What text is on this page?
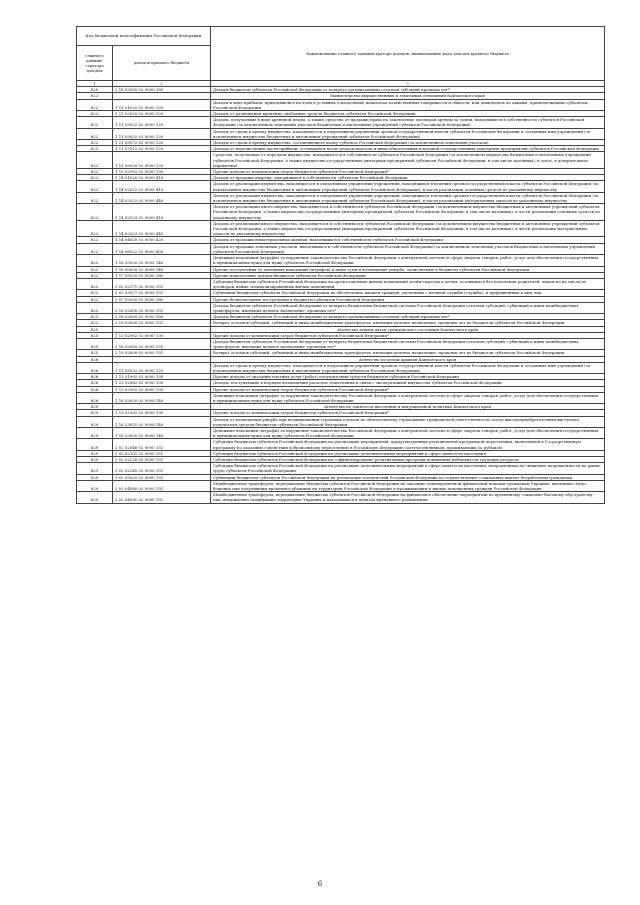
Код бюджетной классификации Российской Федерации		Наименование главного администратора доходов, наименование кода доходов краевого бюджета
главного админи-стратора доходов	доходов краевого бюджета	
1	2	3
820	2 18 02000 02 0000 180	Доходы бюджетов субъектов Российской Федерации от возврата организациями остатков субсидий прошлых лет*
822		Министерство имущественных и земельных отношений Камчатского края
822	1 11 01020 02 0000 120	Доходы в виде прибыли, приходящейся на доли в уставных (складочных) капиталах хозяйственных товариществ и обществ, или дивидендов по акциям, принадлежащим субъектам Российской Федерации
822	1 11 02020 02 0000 120	Доходы от размещения временно свободных средств бюджетов субъектов Российской Федерации
822	1 11 05022 02 0000 120	Доходы, получаемые в виде арендной платы, а также средства от продажи права на заключение договоров аренды за земли, находящиеся в собственности субъектов Российской Федерации (за исключением земельных участков бюджетных и автономных учреждений субъектов Российской Федерации)
822	1 11 05032 02 0000 120	Доходы от сдачи в аренду имущества, находящегося в оперативном управлении органов государственной власти субъектов Российской Федерации и созданных ими учреждений (за исключением имущества бюджетных и автономных учреждений субъектов Российской Федерации)
822	1 11 05072 02 0000 120	Доходы от сдачи в аренду имущества, составляющего казну субъекта Российской Федерации (за исключением земельных участков)
822	1 11 07012 02 0000 120	Доходы от перечисления части прибыли, остающейся после уплаты налогов и иных обязательных платежей государственных унитарных предприятий субъектов Российской Федерации
822	1 11 09020 02 0000 120	Средства, получаемые от передачи имущества, находящегося в собственности субъектов Российской Федерации (за исключением имущества бюджетных и автономных учреждений субъектов Российской Федерации, а также имущества государственных унитарных предприятий субъектов Российской Федерации, в том числе казенных), в залог, в доверительное управление
822	1 13 02992 02 0000 130	Прочие доходы от компенсации затрат бюджетов субъектов Российской Федерации*
822	1 14 01020 02 0000 410	Доходы от продажи квартир, находящихся в собственности субъектов Российской Федерации
822	1 14 02022 02 0000 410	Доходы от реализации имущества, находящегося в оперативном управлении учреждений, находящихся в ведении органов государственной власти субъектов Российской Федерации (за исключением имущества бюджетных и автономных учреждений субъектов Российской Федерации), в части реализации основных средств по указанному имуществу
822	1 14 02022 02 0000 440	Доходы от реализации имущества, находящегося в оперативном управлении учреждений, находящихся в ведении органов государственной власти субъектов Российской Федерации (за исключением имущества бюджетных и автономных учреждений субъектов Российской Федерации), в части реализации материальных запасов по указанному имуществу
822	1 14 02023 02 0000 410	Доходы от реализации иного имущества, находящегося в собственности субъектов Российской Федерации (за исключением имущества бюджетных и автономных учреждений субъектов Российской Федерации, а также имущества государственных унитарных предприятий субъектов Российской Федерации, в том числе казенных), в части реализации основных средств по указанному имуществу
822	1 14 02023 02 0000 440	Доходы от реализации иного имущества, находящегося в собственности субъектов Российской Федерации (за исключением имущества бюджетных и автономных учреждений субъектов Российской Федерации, а также имущества государственных унитарных предприятий субъектов Российской Федерации, в том числе казенных), в части реализации материальных запасов по указанному имуществу
822	1 14 04020 02 0000 420	Доходы от продажи нематериальных активов, находящихся в собственности субъектов Российской Федерации
822	1 14 06022 02 0000 430	Доходы от продажи земельных участков, находящихся в собственности субъектов Российской Федерации (за исключением земельных участков бюджетных и автономных учреждений субъектов Российской Федерации)
822	1 16 33020 02 0000 140	Денежные взыскания (штрафы) за нарушение законодательства Российской Федерации о контрактной системе в сфере закупок товаров, работ, услуг для обеспечения государственных и муниципальных нужд для нужд субъектов Российской Федерации
822	1 16 90020 02 0000 140	Прочие поступления от денежных взысканий (штрафов) и иных сумм в возмещение ущерба, зачисляемые в бюджеты субъектов Российской Федерации
822	1 17 05020 02 0000 180	Прочие неналоговые доходы бюджетов субъектов Российской Федерации
822	2 02 02171 02 0000 151	Субсидии бюджетам субъектов Российской Федерации на предоставление жилых помещений детям-сиротам и детям, оставшимся без попечения родителей, лицам из их числа по договорам найма специализированных жилых помещений
822	2 02 03077 02 0000 151	Субвенции бюджетам субъектов Российской Федерации на обеспечение жильем граждан, уволенных с военной службы (службы), и приравненных к ним лиц
822	2 07 02030 02 0000 180	Прочие безвозмездные поступления в бюджеты субъектов Российской Федерации
822	2 18 02000 02 0000 151	Доходы бюджетов субъектов Российской Федерации от возврата бюджетами бюджетной системы Российской Федерации остатков субсидий, субвенций и иных межбюджетных трансфертов, имеющих целевое назначение, прошлых лет*
822	2 18 02000 02 0000 180	Доходы бюджетов субъектов Российской Федерации от возврата организациями остатков субсидий прошлых лет*
822	2 19 02000 02 0000 151	Возврат остатков субсидий, субвенций и иных межбюджетных трансфертов, имеющих целевое назначение, прошлых лет из бюджетов субъектов Российской Федерации
825		Агентство записи актов гражданского состояния Камчатского края
825	1 13 02992 02 0000 130	Прочие доходы от компенсации затрат бюджетов субъектов Российской Федерации*
825	2 18 02000 02 0000 151	Доходы бюджетов субъектов Российской Федерации от возврата бюджетами бюджетной системы Российской Федерации остатков субсидий, субвенций и иных межбюджетных трансфертов, имеющих целевое назначение, прошлых лет*
825	2 19 02000 02 0000 151	Возврат остатков субсидий, субвенций и иных межбюджетных трансфертов, имеющих целевое назначение, прошлых лет из бюджетов субъектов Российской Федерации
826		Агентство по делам архивов Камчатского края
826	1 11 05032 02 0000 120	Доходы от сдачи в аренду имущества, находящегося в оперативном управлении органов государственной власти субъектов Российской Федерации и созданных ими учреждений (за исключением имущества бюджетных и автономных учреждений субъектов Российской Федерации)
826	1 13 01992 02 0000 130	Прочие доходы от оказания платных услуг (работ) получателями средств бюджетов субъектов Российской Федерации
826	1 13 02062 02 0000 130	Доходы, поступающие в порядке возмещения расходов, понесенных в связи с эксплуатацией имущества субъектов Российской Федерации
826	1 13 02992 02 0000 130	Прочие доходы от компенсации затрат бюджетов субъектов Российской Федерации*
826	1 16 33020 02 0000 140	Денежные взыскания (штрафы) за нарушение законодательства Российской Федерации о контрактной системе в сфере закупок товаров, работ, услуг для обеспечения государственных и муниципальных нужд для нужд субъектов Российской Федерации
829		Агентство по занятости населения и миграционной политике Камчатского края
829	1 13 02992 02 0000 130	Прочие доходы от компенсации затрат бюджетов субъектов Российской Федерации*
829	1 16 23021 02 0000 140	Доходы от возмещения ущерба при возникновении страховых случаев по обязательному страхованию гражданской ответственности, когда выгодоприобретателями выступают получатели средств бюджетов субъектов Российской Федерации
829	1 16 33020 02 0000 140	Денежные взыскания (штрафы) за нарушение законодательства Российской Федерации о контрактной системе в сфере закупок товаров, работ, услуг для обеспечения государственных и муниципальных нужд для нужд субъектов Российской Федерации
829	2 02 02046 02 0000 151	Субсидии бюджетам субъектов Российской Федерации на реализацию мероприятий, предусмотренных региональной программой переселения, включенной в Государственную программу по оказанию содействия добровольному переселению в Российскую Федерацию соотечественников, проживающих за рубежом
829	2 02 02101 02 0000 151	Субсидии бюджетам субъектов Российской Федерации на реализацию дополнительных мероприятий в сфере занятости населения
829	2 02 02226 02 0000 151	Субсидии бюджетам субъектов Российской Федерации на софинансирование региональных программ повышения мобильности трудовых ресурсов
829	2 02 02240 02 0000 151	Субсидии бюджетам субъектов Российской Федерации на реализацию дополнительных мероприятий в сфере занятости населения, направленных на снижение напряженности на рынке труда субъектов Российской Федерации
829	2 02 03025 02 0000 151	Субвенции бюджетам субъектов Российской Федерации на реализацию полномочий Российской Федерации по осуществлению социальных выплат безработным гражданам
829	2 02 04080 02 0000 151	Межбюджетные трансферты, передаваемые бюджетам субъектов Российской Федерации на оказание единовременной финансовой помощи гражданам Украины, имеющим статус беженца или получившим временное убежище на территории Российской Федерации и проживающим в жилых помещениях граждан Российской Федерации
829	2 02 04081 02 0000 151	Межбюджетные трансферты, передаваемые бюджетам субъектов Российской Федерации на финансовое обеспечение мероприятий по временному социально-бытовому обустройству лиц, вынужденно покинувших территорию Украины и находящихся в пунктах временного размещения
6
